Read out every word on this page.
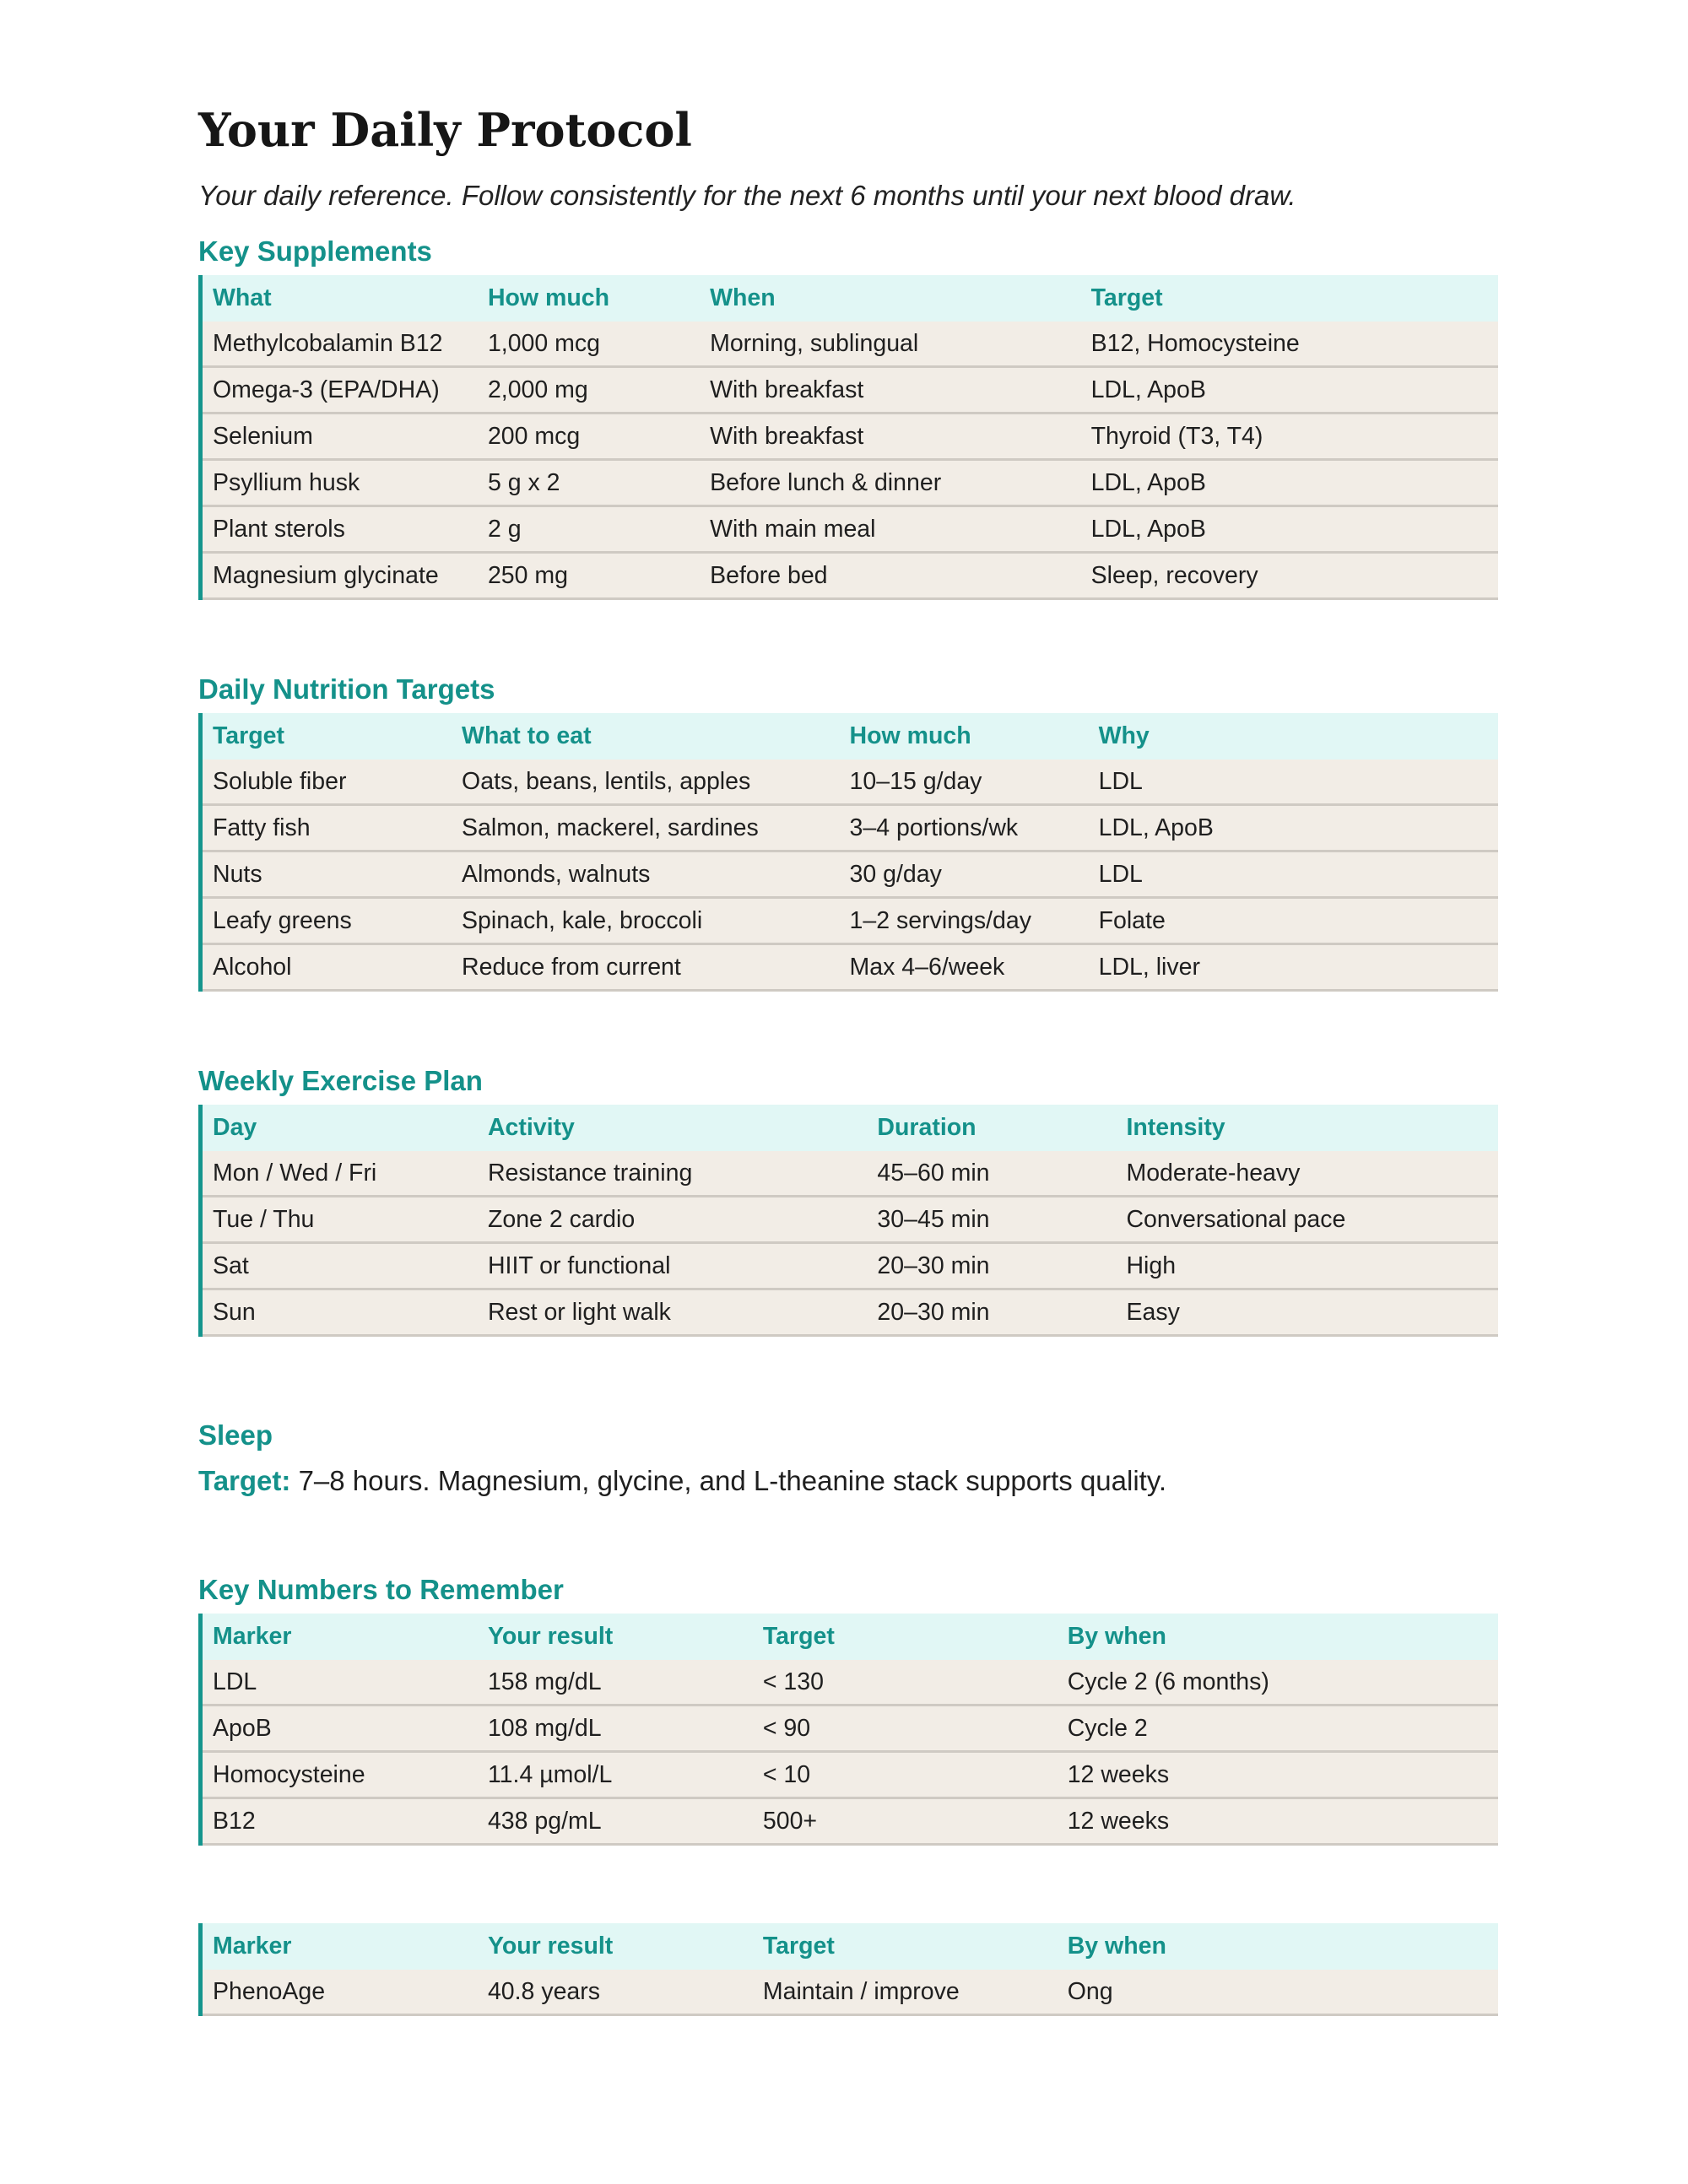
Your Daily Protocol

Your daily reference. Follow consistently for the next 6 months until your next blood draw.

Key Supplements
What	How much	When	Target
Methylcobalamin B12	1,000 mcg	Morning, sublingual	B12, Homocysteine
Omega-3 (EPA/DHA)	2,000 mg	With breakfast	LDL, ApoB
Selenium	200 mcg	With breakfast	Thyroid (T3, T4)
Psyllium husk	5 g x 2	Before lunch & dinner	LDL, ApoB
Plant sterols	2 g	With main meal	LDL, ApoB
Magnesium glycinate	250 mg	Before bed	Sleep, recovery
Daily Nutrition Targets
Target	What to eat	How much	Why
Soluble fiber	Oats, beans, lentils, apples	10–15 g/day	LDL
Fatty fish	Salmon, mackerel, sardines	3–4 portions/wk	LDL, ApoB
Nuts	Almonds, walnuts	30 g/day	LDL
Leafy greens	Spinach, kale, broccoli	1–2 servings/day	Folate
Alcohol	Reduce from current	Max 4–6/week	LDL, liver
Weekly Exercise Plan
Day	Activity	Duration	Intensity
Mon / Wed / Fri	Resistance training	45–60 min	Moderate-heavy
Tue / Thu	Zone 2 cardio	30–45 min	Conversational pace
Sat	HIIT or functional	20–30 min	High
Sun	Rest or light walk	20–30 min	Easy
Sleep

Target: 7–8 hours. Magnesium, glycine, and L-theanine stack supports quality.

Key Numbers to Remember
Marker	Your result	Target	By when
LDL	158 mg/dL	< 130	Cycle 2 (6 months)
ApoB	108 mg/dL	< 90	Cycle 2
Homocysteine	11.4 µmol/L	< 10	12 weeks
B12	438 pg/mL	500+	12 weeks
Marker	Your result	Target	By when
PhenoAge	40.8 years	Maintain / improve	Ong
